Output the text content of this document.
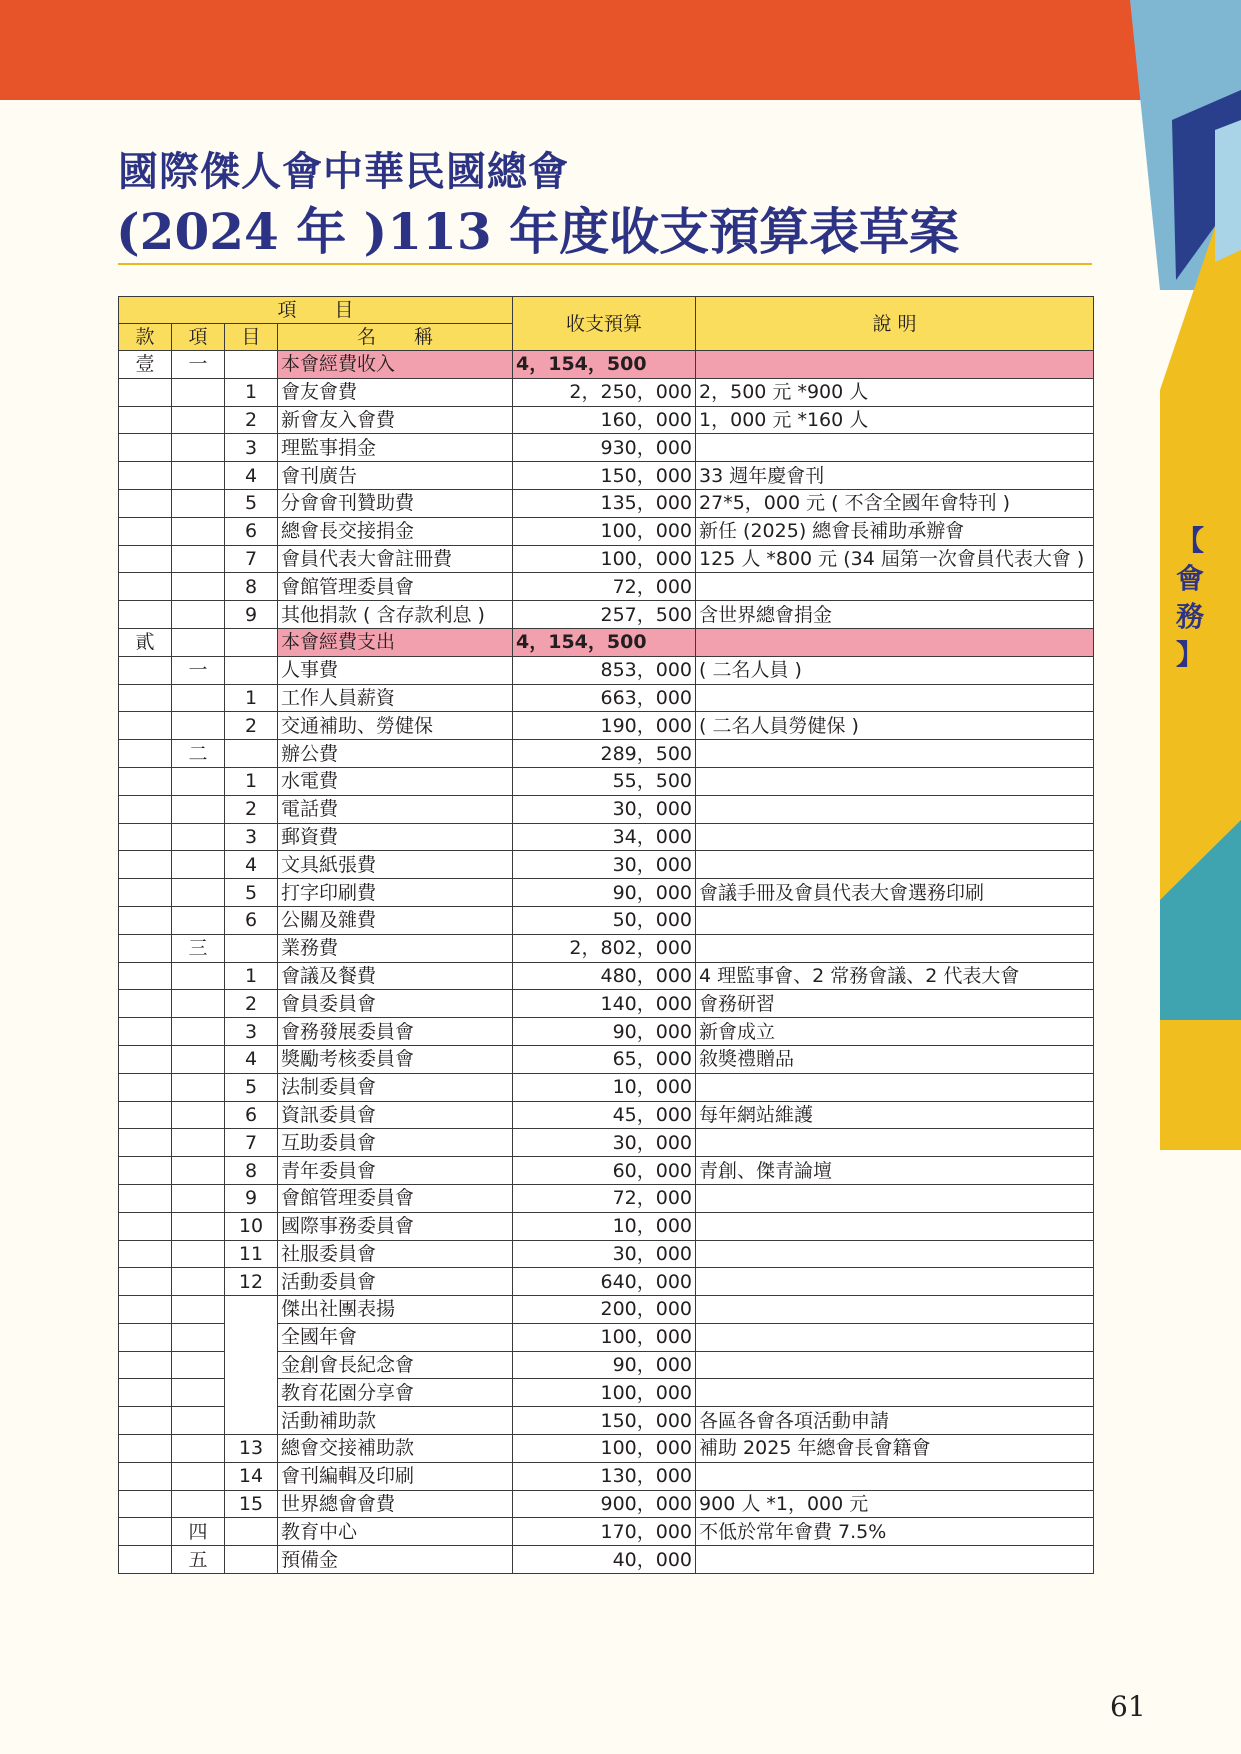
國際傑人會中華民國總會
(2024 年 )113 年度收支預算表草案
【
會
務
】
項　　目				收支預算	說 明
款	項	目	名　　稱		
壹	一		本會經費收入	4，154，500	
		1	會友會費	2，250，000	2，500 元 *900 人
		2	新會友入會費	160，000	1，000 元 *160 人
		3	理監事捐金	930，000	
		4	會刊廣告	150，000	33 週年慶會刊
		5	分會會刊贊助費	135，000	27*5，000 元 ( 不含全國年會特刊 )
		6	總會長交接捐金	100，000	新任 (2025) 總會長補助承辦會
		7	會員代表大會註冊費	100，000	125 人 *800 元 (34 屆第一次會員代表大會 )
		8	會館管理委員會	72，000	
		9	其他捐款 ( 含存款利息 )	257，500	含世界總會捐金
貳			本會經費支出	4，154，500	
	一		人事費	853，000	( 二名人員 )
		1	工作人員薪資	663，000	
		2	交通補助、勞健保	190，000	( 二名人員勞健保 )
	二		辦公費	289，500	
		1	水電費	55，500	
		2	電話費	30，000	
		3	郵資費	34，000	
		4	文具紙張費	30，000	
		5	打字印刷費	90，000	會議手冊及會員代表大會選務印刷
		6	公關及雜費	50，000	
	三		業務費	2，802，000	
		1	會議及餐費	480，000	4 理監事會、2 常務會議、2 代表大會
		2	會員委員會	140，000	會務研習
		3	會務發展委員會	90，000	新會成立
		4	獎勵考核委員會	65，000	敘獎禮贈品
		5	法制委員會	10，000	
		6	資訊委員會	45，000	每年網站維護
		7	互助委員會	30，000	
		8	青年委員會	60，000	青創、傑青論壇
		9	會館管理委員會	72，000	
		10	國際事務委員會	10，000	
		11	社服委員會	30，000	
		12	活動委員會	640，000	
			傑出社團表揚	200，000	
			全國年會	100，000	
			金創會長紀念會	90，000	
			教育花園分享會	100，000	
			活動補助款	150，000	各區各會各項活動申請
		13	總會交接補助款	100，000	補助 2025 年總會長會籍會
		14	會刊編輯及印刷	130，000	
		15	世界總會會費	900，000	900 人 *1，000 元
	四		教育中心	170，000	不低於常年會費 7.5%
	五		預備金	40，000	
61
